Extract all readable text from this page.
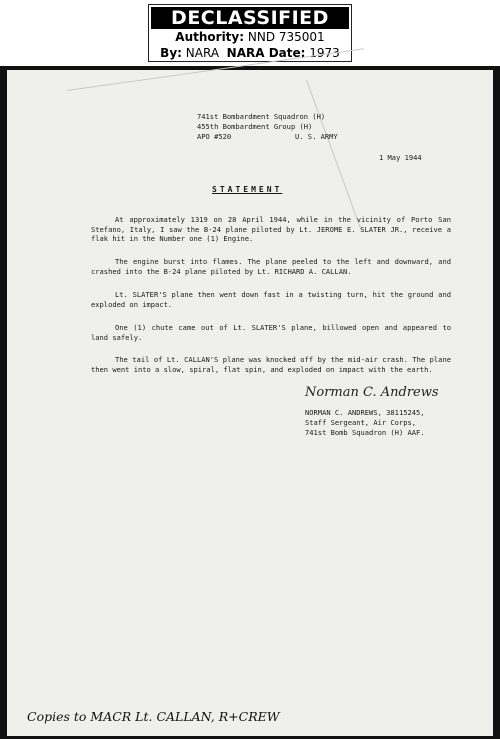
DECLASSIFIED
Authority: NND 735001
By: NARA NARA Date: 1973
741st Bombardment Squadron (H)
455th Bombardment Group (H)
APO #520	U. S. ARMY
1 May 1944
STATEMENT
At approximately 1319 on 28 April 1944, while in the vicinity of Porto San Stefano, Italy, I saw the B-24 plane piloted by Lt. JEROME E. SLATER JR., receive a flak hit in the Number one (1) Engine.
The engine burst into flames. The plane peeled to the left and downward, and crashed into the B-24 plane piloted by Lt. RICHARD A. CALLAN.
Lt. SLATER'S plane then went down fast in a twisting turn, hit the ground and exploded on impact.
One (1) chute came out of Lt. SLATER'S plane, billowed open and appeared to land safely.
The tail of Lt. CALLAN'S plane was knocked off by the mid-air crash. The plane then went into a slow, spiral, flat spin, and exploded on impact with the earth.
Norman C. Andrews
NORMAN C. ANDREWS, 38115245,
Staff Sergeant, Air Corps,
741st Bomb Squadron (H) AAF.
Copies to MACR Lt. CALLAN, R+CREW
